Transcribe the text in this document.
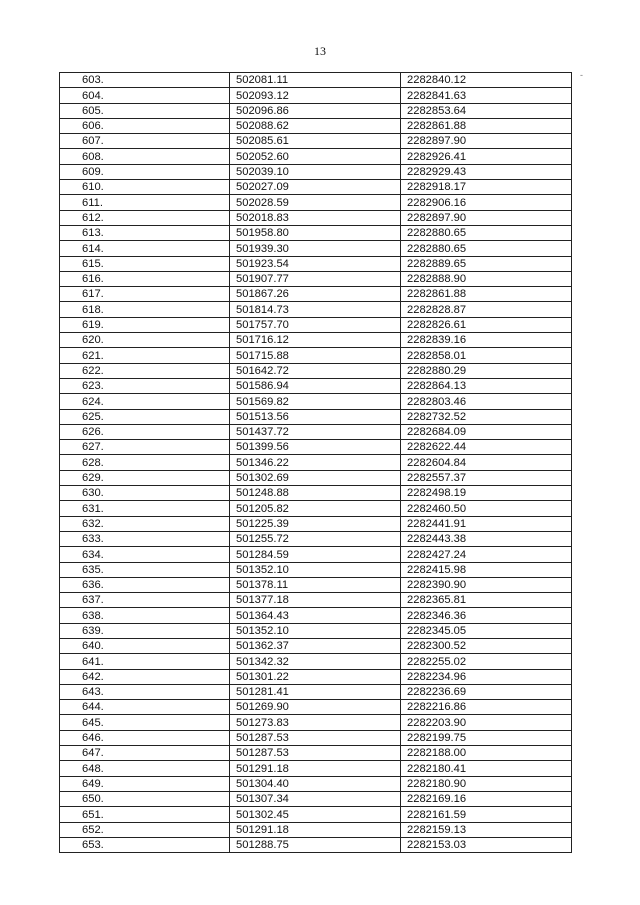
13
-
603.	502081.11	2282840.12
604.	502093.12	2282841.63
605.	502096.86	2282853.64
606.	502088.62	2282861.88
607.	502085.61	2282897.90
608.	502052.60	2282926.41
609.	502039.10	2282929.43
610.	502027.09	2282918.17
611.	502028.59	2282906.16
612.	502018.83	2282897.90
613.	501958.80	2282880.65
614.	501939.30	2282880.65
615.	501923.54	2282889.65
616.	501907.77	2282888.90
617.	501867.26	2282861.88
618.	501814.73	2282828.87
619.	501757.70	2282826.61
620.	501716.12	2282839.16
621.	501715.88	2282858.01
622.	501642.72	2282880.29
623.	501586.94	2282864.13
624.	501569.82	2282803.46
625.	501513.56	2282732.52
626.	501437.72	2282684.09
627.	501399.56	2282622.44
628.	501346.22	2282604.84
629.	501302.69	2282557.37
630.	501248.88	2282498.19
631.	501205.82	2282460.50
632.	501225.39	2282441.91
633.	501255.72	2282443.38
634.	501284.59	2282427.24
635.	501352.10	2282415.98
636.	501378.11	2282390.90
637.	501377.18	2282365.81
638.	501364.43	2282346.36
639.	501352.10	2282345.05
640.	501362.37	2282300.52
641.	501342.32	2282255.02
642.	501301.22	2282234.96
643.	501281.41	2282236.69
644.	501269.90	2282216.86
645.	501273.83	2282203.90
646.	501287.53	2282199.75
647.	501287.53	2282188.00
648.	501291.18	2282180.41
649.	501304.40	2282180.90
650.	501307.34	2282169.16
651.	501302.45	2282161.59
652.	501291.18	2282159.13
653.	501288.75	2282153.03
